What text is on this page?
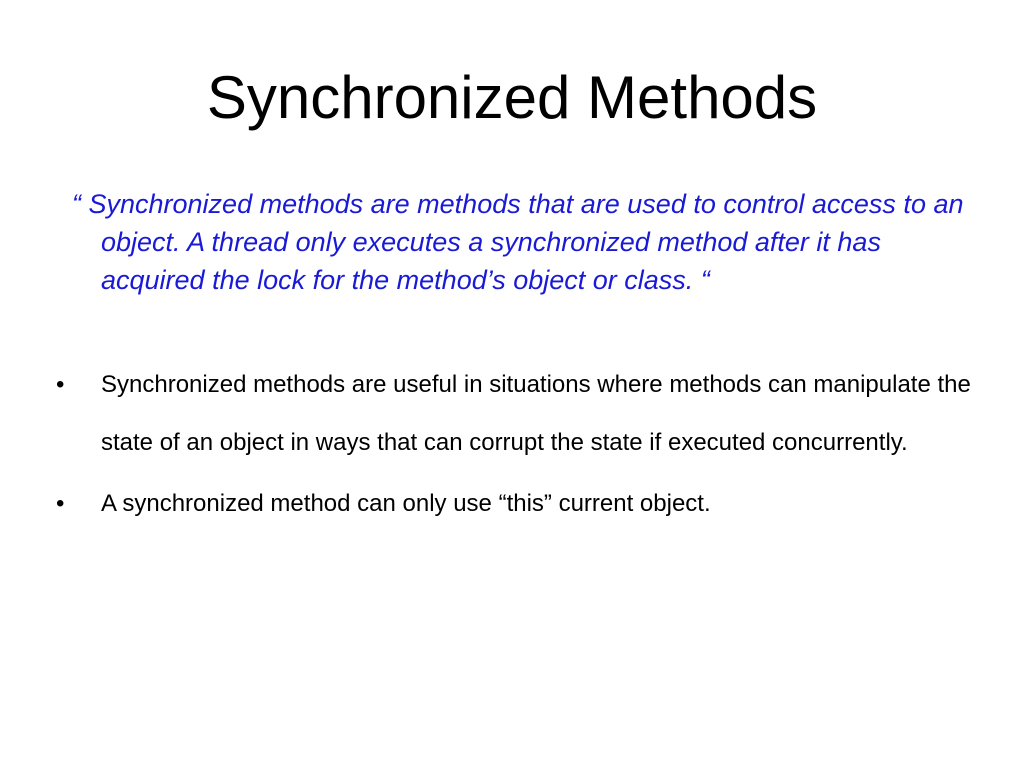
Synchronized Methods

“ Synchronized methods are methods that are used to control access to an object. A thread only executes a synchronized method after it has acquired the lock for the method’s object or class. “

•	Synchronized methods are useful in situations where methods can manipulate the state of an object in ways that can corrupt the state if executed concurrently.
•	A synchronized method can only use “this” current object.
